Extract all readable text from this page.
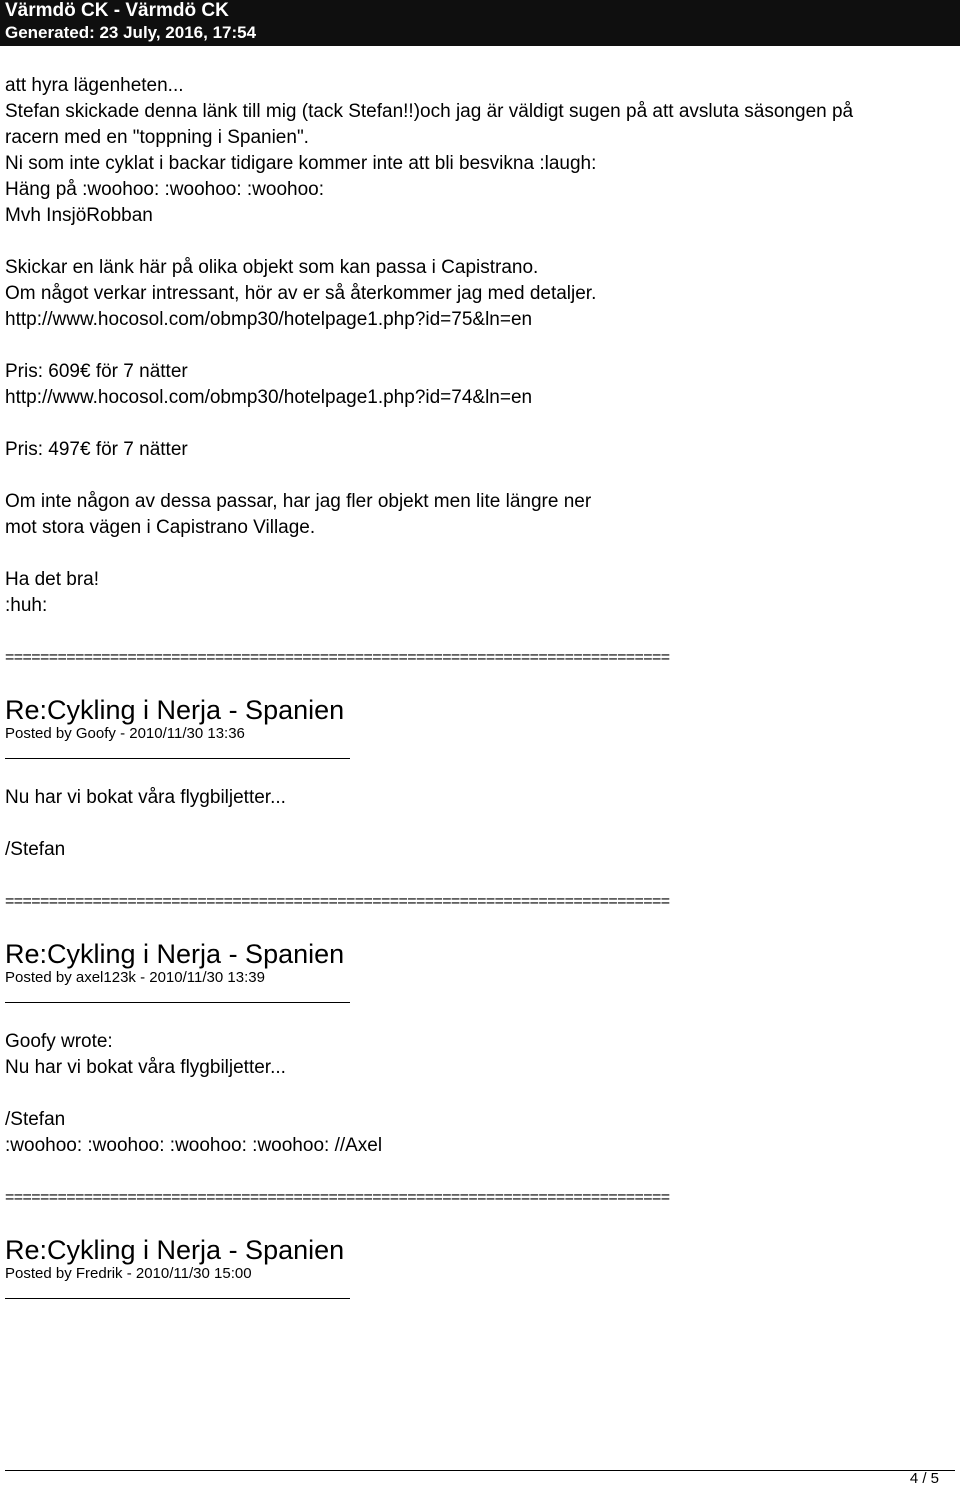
Värmdö CK - Värmdö CK
Generated: 23 July, 2016, 17:54
att hyra lägenheten...
Stefan skickade denna länk till mig (tack Stefan!!)och jag är väldigt sugen på att avsluta säsongen på
racern med en "toppning i Spanien".
Ni som inte cyklat i backar tidigare kommer inte att bli besvikna :laugh:
Häng på :woohoo: :woohoo: :woohoo:
Mvh InsjöRobban
Skickar en länk här på olika objekt som kan passa i Capistrano.
Om något verkar intressant, hör av er så återkommer jag med detaljer.
http://www.hocosol.com/obmp30/hotelpage1.php?id=75&ln=en
Pris: 609€ för 7 nätter
http://www.hocosol.com/obmp30/hotelpage1.php?id=74&ln=en
Pris: 497€ för 7 nätter
Om inte någon av dessa passar, har jag fler objekt men lite längre ner
mot stora vägen i Capistrano Village.
Ha det bra!
:huh:
============================================================================
Re:Cykling i Nerja - Spanien
Posted by Goofy - 2010/11/30 13:36
Nu har vi bokat våra flygbiljetter...
/Stefan
============================================================================
Re:Cykling i Nerja - Spanien
Posted by axel123k - 2010/11/30 13:39
Goofy wrote:
Nu har vi bokat våra flygbiljetter...
/Stefan
:woohoo: :woohoo: :woohoo: :woohoo: //Axel
============================================================================
Re:Cykling i Nerja - Spanien
Posted by Fredrik - 2010/11/30 15:00
4 / 5
